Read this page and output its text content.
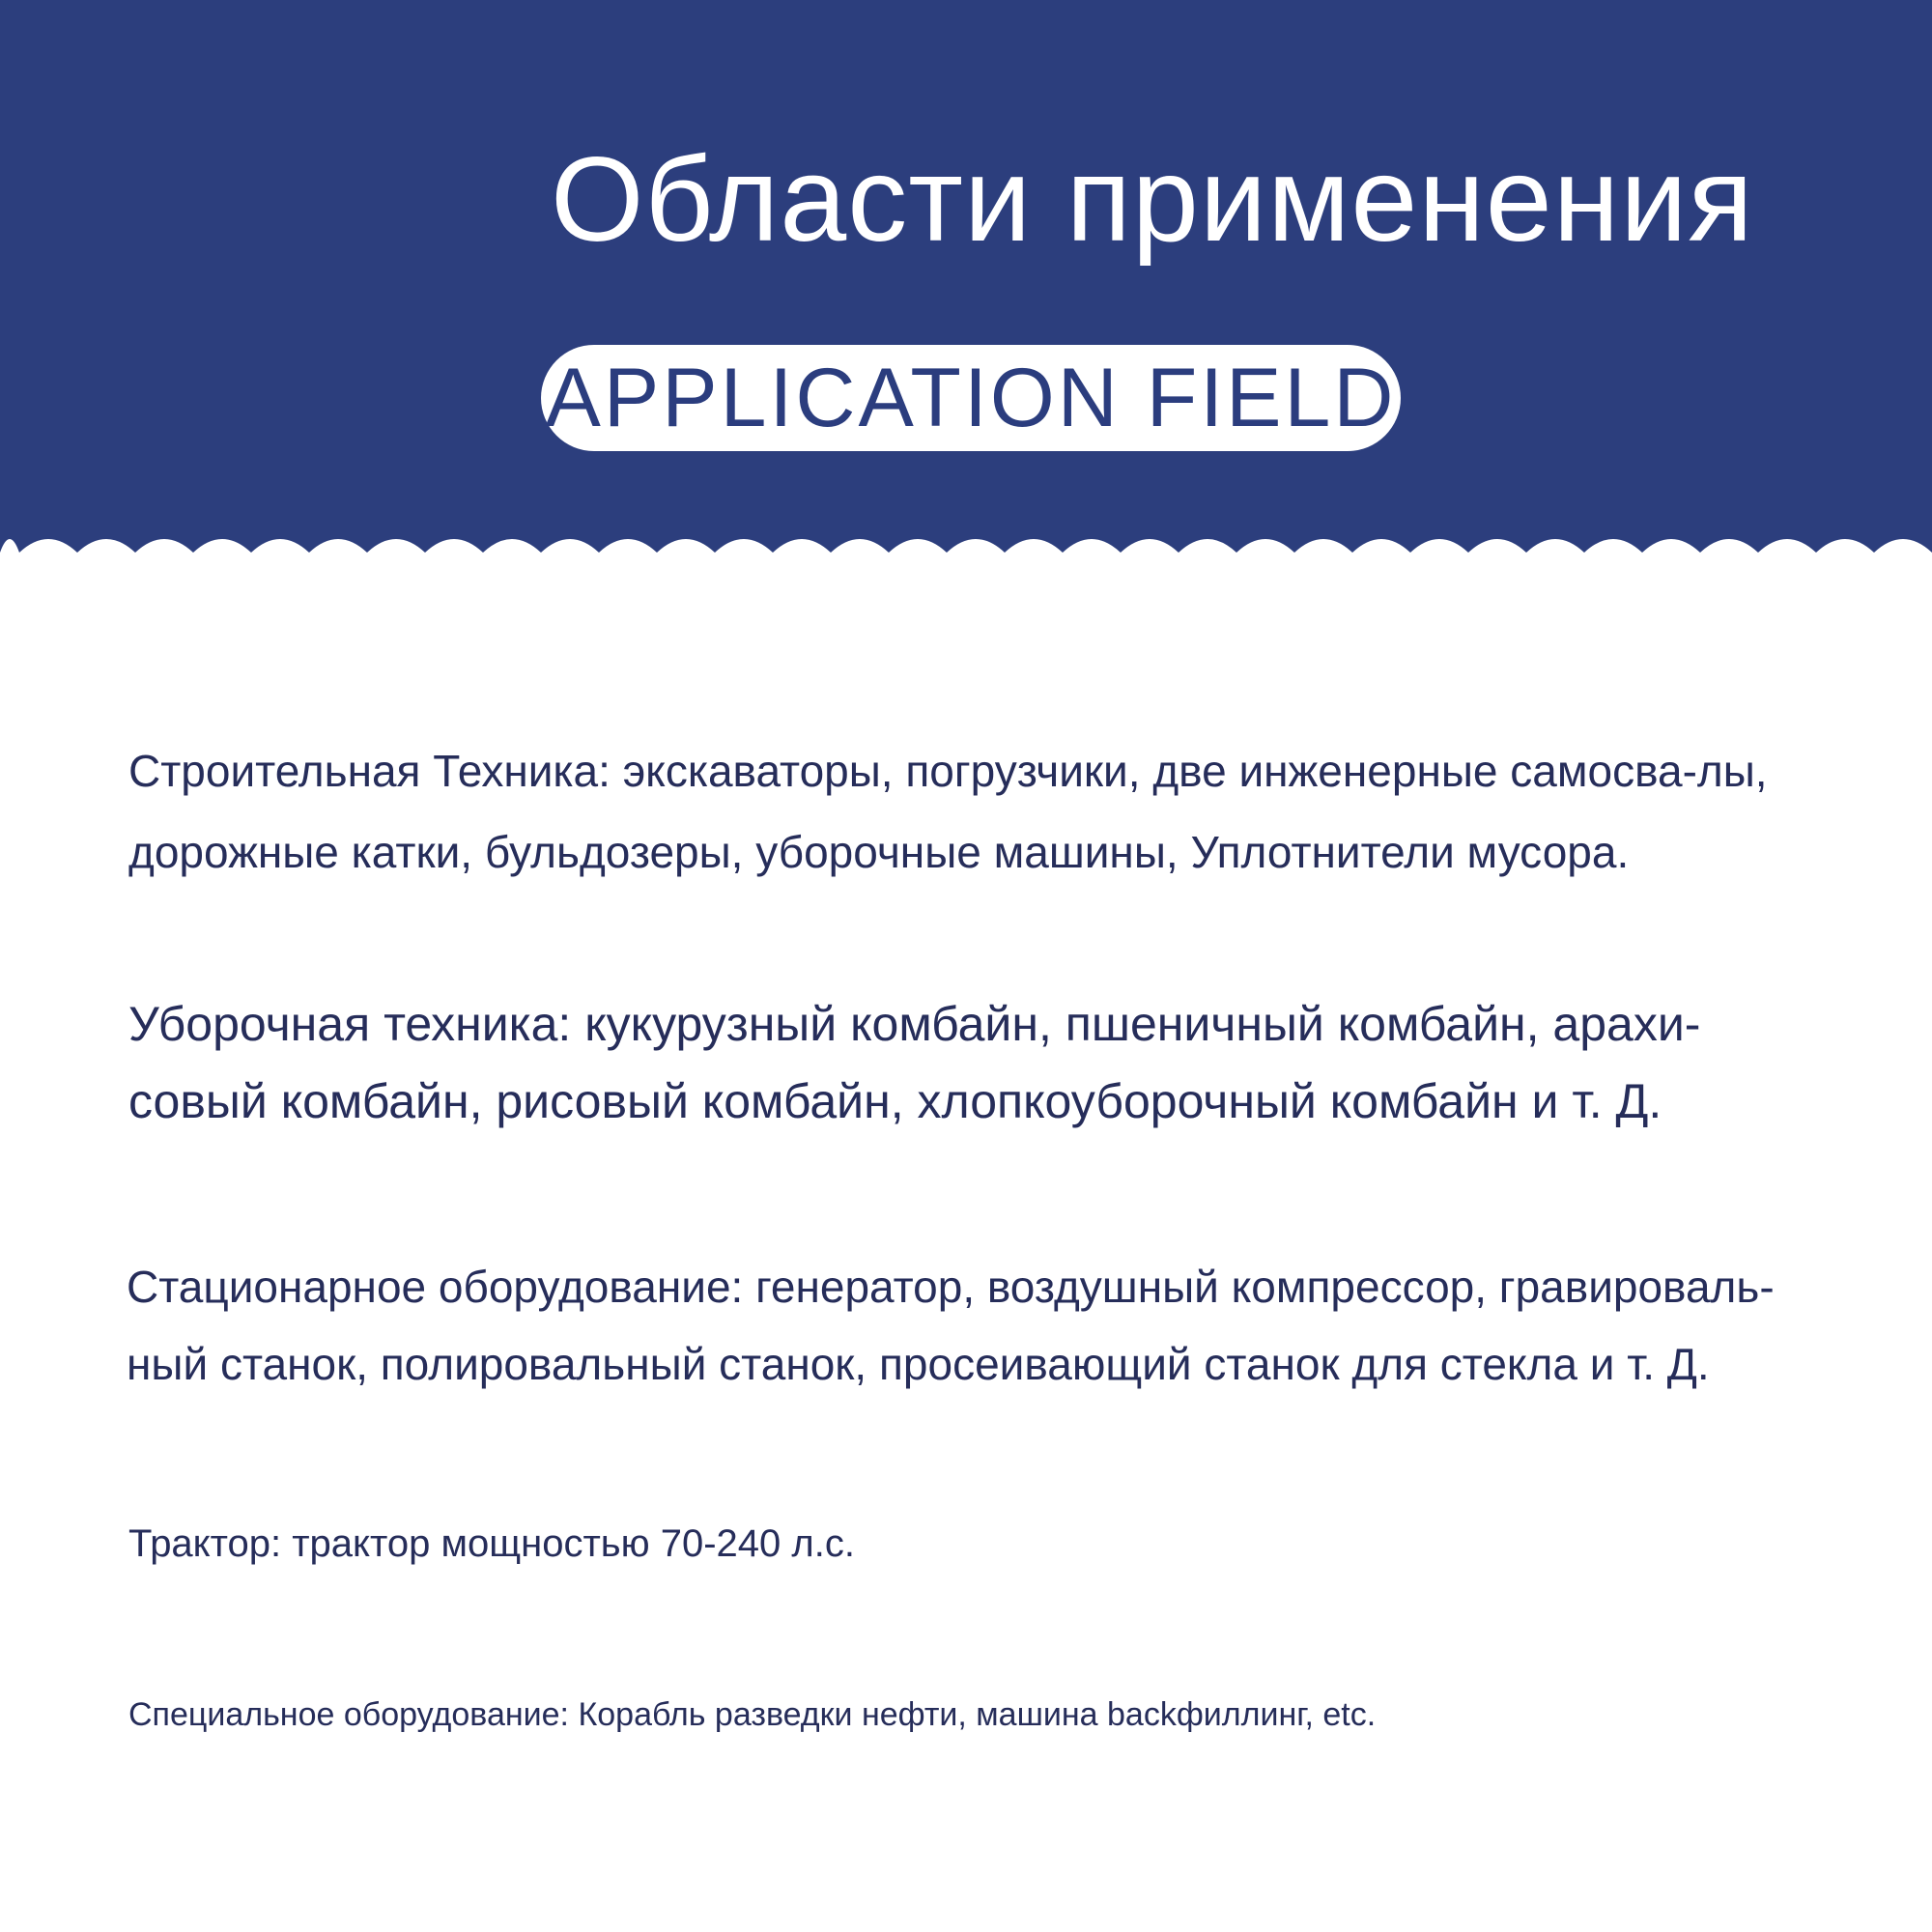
Области применения
APPLICATION FIELD

Строительная Техника: экскаваторы, погрузчики, две инженерные самосва-лы, дорожные катки, бульдозеры, уборочные машины, Уплотнители мусора.

Уборочная техника: кукурузный комбайн, пшеничный комбайн, арахи-совый комбайн, рисовый комбайн, хлопкоуборочный комбайн и т. Д.

Стационарное оборудование: генератор, воздушный компрессор, гравироваль-ный станок, полировальный станок, просеивающий станок для стекла и т. Д.

Трактор: трактор мощностью 70-240 л.с.

Специальное оборудование: Корабль разведки нефти, машина backфиллинг, etc.
